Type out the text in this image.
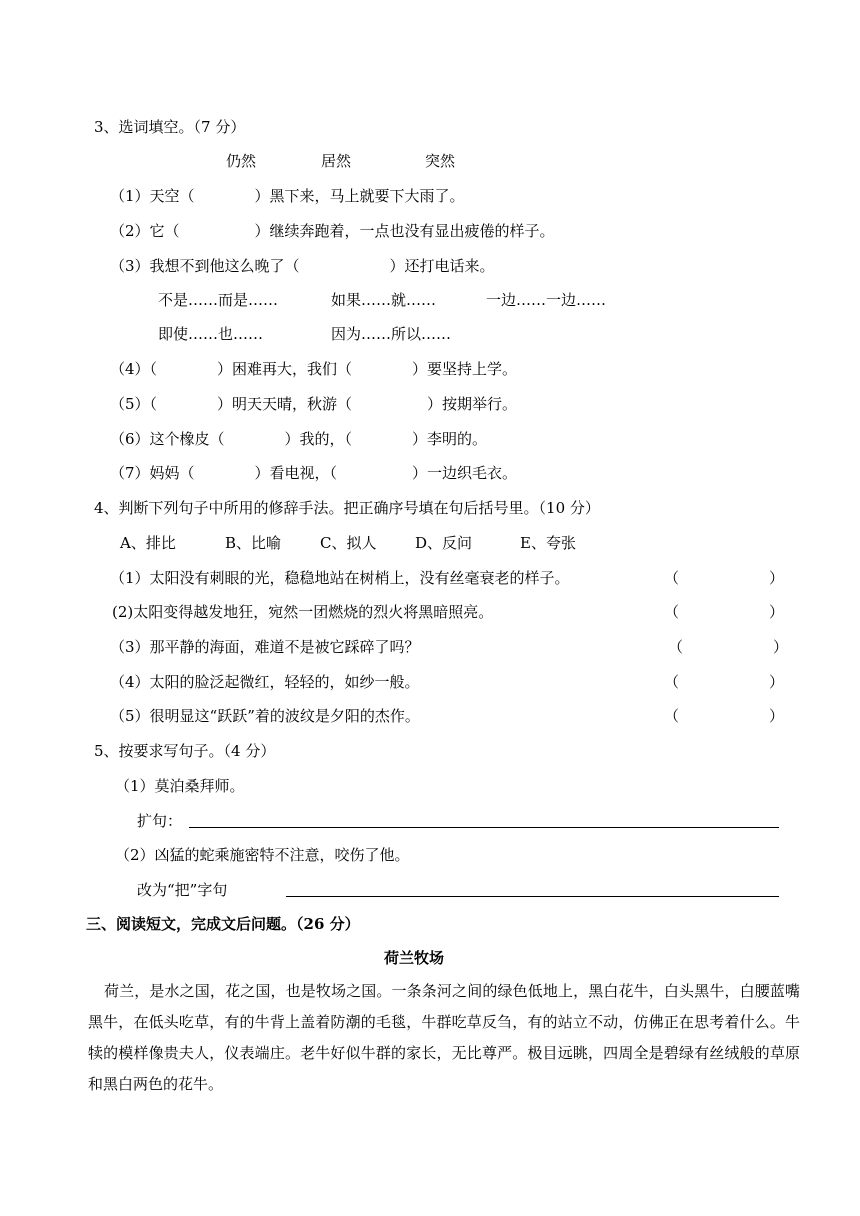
3、选词填空。（7 分）
仍然	居然	突然
（1）天空（　　　　）黑下来，马上就要下大雨了。
（2）它（　　　　　）继续奔跑着，一点也没有显出疲倦的样子。
（3）我想不到他这么晚了（　　　　　　）还打电话来。
不是……而是……	如果……就……	一边……一边……
即使……也……	因为……所以……
（4）（　　　　）困难再大，我们（　　　　）要坚持上学。
（5）（　　　　）明天天晴，秋游（　　　　　）按期举行。
（6）这个橡皮（　　　　）我的，（　　　　）李明的。
（7）妈妈（　　　　）看电视，（　　　　　）一边织毛衣。
4、判断下列句子中所用的修辞手法。把正确序号填在句后括号里。（10 分）
A、排比	B、比喻	C、拟人	D、反问	E、夸张
（1）太阳没有刺眼的光，稳稳地站在树梢上，没有丝毫衰老的样子。	（　　　　　　）
(2)太阳变得越发地狂，宛然一团燃烧的烈火将黑暗照亮。	（　　　　　　）
（3）那平静的海面，难道不是被它踩碎了吗？	（　　　　　　）
（4）太阳的脸泛起微红，轻轻的，如纱一般。	（　　　　　　）
（5）很明显这“跃跃”着的波纹是夕阳的杰作。	（　　　　　　）
5、按要求写句子。（4 分）
（1）莫泊桑拜师。
扩句：
（2）凶猛的蛇乘施密特不注意，咬伤了他。
改为“把”字句
三、阅读短文，完成文后问题。（26 分）
荷兰牧场
荷兰，是水之国，花之国，也是牧场之国。一条条河之间的绿色低地上，黑白花牛，白头黑牛，白腰蓝嘴黑牛，在低头吃草，有的牛背上盖着防潮的毛毯，牛群吃草反刍，有的站立不动，仿佛正在思考着什么。牛犊的模样像贵夫人，仪表端庄。老牛好似牛群的家长，无比尊严。极目远眺，四周全是碧绿有丝绒般的草原和黑白两色的花牛。
